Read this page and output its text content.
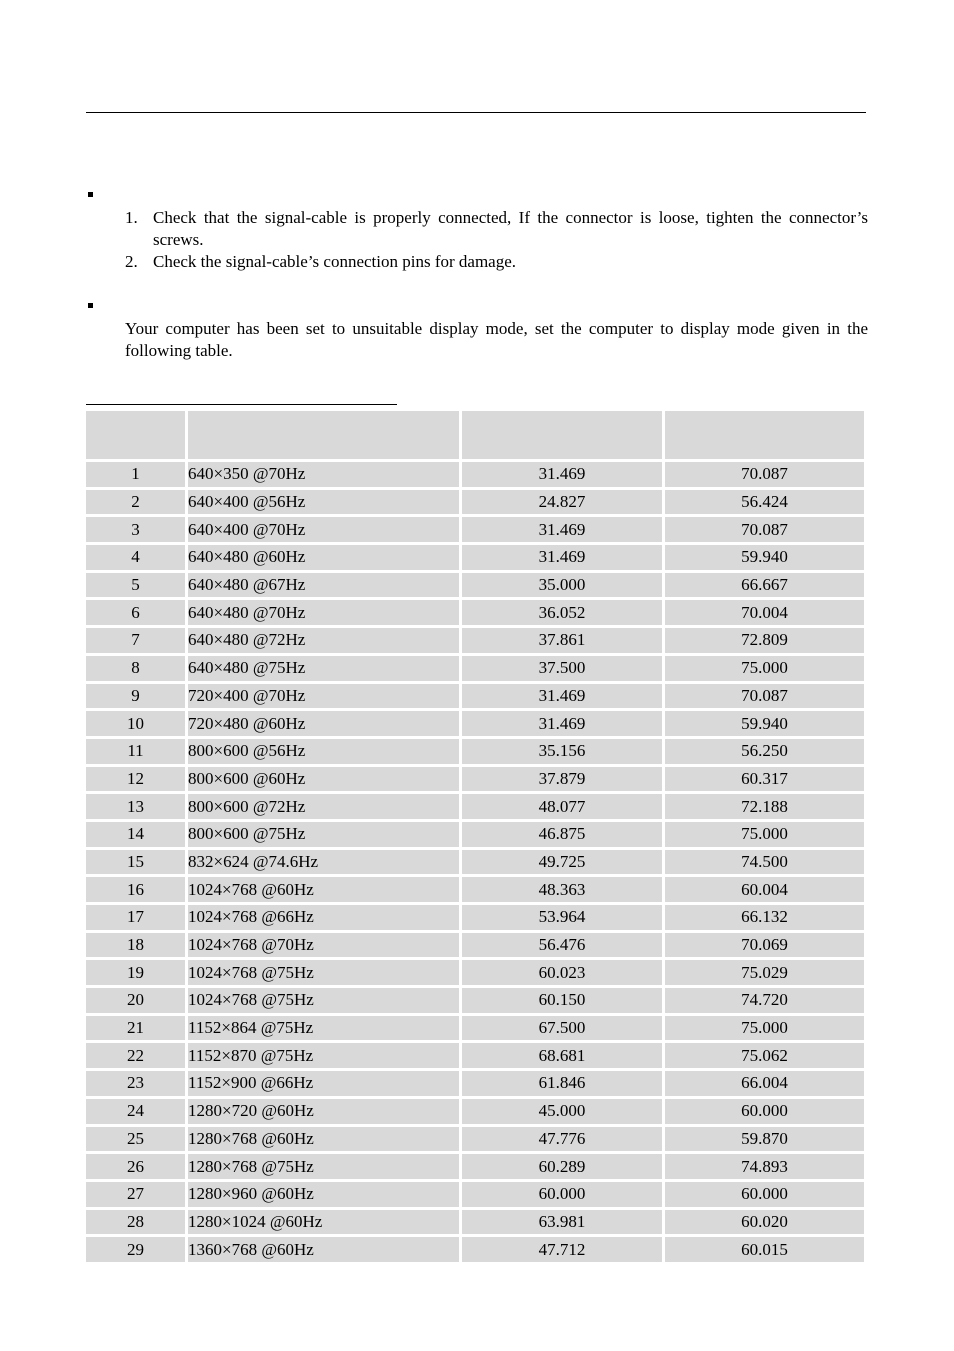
1. Check that the signal-cable is properly connected, If the connector is loose, tighten the connector’s screws.
2. Check the signal-cable’s connection pins for damage.

Your computer has been set to unsuitable display mode, set the computer to display mode given in the following table.

1	640×350 @70Hz	31.469	70.087
2	640×400 @56Hz	24.827	56.424
3	640×400 @70Hz	31.469	70.087
4	640×480 @60Hz	31.469	59.940
5	640×480 @67Hz	35.000	66.667
6	640×480 @70Hz	36.052	70.004
7	640×480 @72Hz	37.861	72.809
8	640×480 @75Hz	37.500	75.000
9	720×400 @70Hz	31.469	70.087
10	720×480 @60Hz	31.469	59.940
11	800×600 @56Hz	35.156	56.250
12	800×600 @60Hz	37.879	60.317
13	800×600 @72Hz	48.077	72.188
14	800×600 @75Hz	46.875	75.000
15	832×624 @74.6Hz	49.725	74.500
16	1024×768 @60Hz	48.363	60.004
17	1024×768 @66Hz	53.964	66.132
18	1024×768 @70Hz	56.476	70.069
19	1024×768 @75Hz	60.023	75.029
20	1024×768 @75Hz	60.150	74.720
21	1152×864 @75Hz	67.500	75.000
22	1152×870 @75Hz	68.681	75.062
23	1152×900 @66Hz	61.846	66.004
24	1280×720 @60Hz	45.000	60.000
25	1280×768 @60Hz	47.776	59.870
26	1280×768 @75Hz	60.289	74.893
27	1280×960 @60Hz	60.000	60.000
28	1280×1024 @60Hz	63.981	60.020
29	1360×768 @60Hz	47.712	60.015
